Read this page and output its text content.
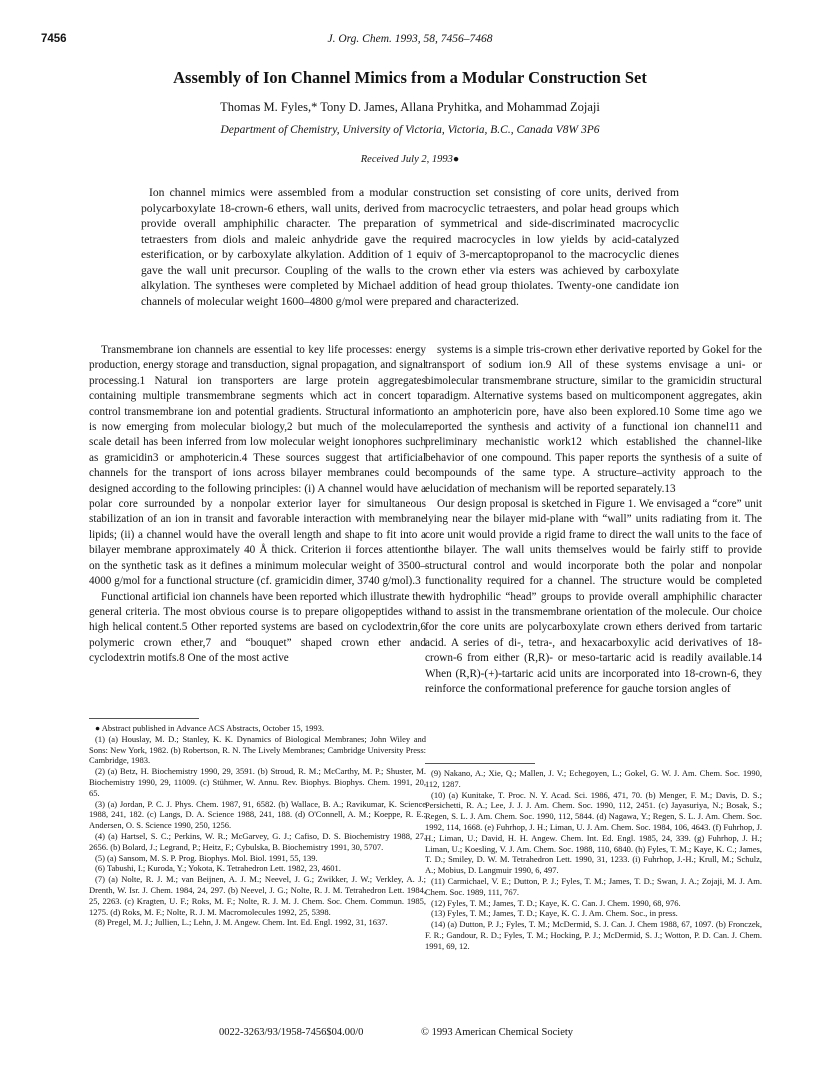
7456	J. Org. Chem. 1993, 58, 7456–7468
Assembly of Ion Channel Mimics from a Modular Construction Set
Thomas M. Fyles,* Tony D. James, Allana Pryhitka, and Mohammad Zojaji
Department of Chemistry, University of Victoria, Victoria, B.C., Canada V8W 3P6
Received July 2, 1993●
Ion channel mimics were assembled from a modular construction set consisting of core units, derived from polycarboxylate 18-crown-6 ethers, wall units, derived from macrocyclic tetraesters, and polar head groups which provide overall amphiphilic character. The preparation of symmetrical and side-discriminated macrocyclic tetraesters from diols and maleic anhydride gave the required macrocycles in low yields by acid-catalyzed esterification, or by carboxylate alkylation. Addition of 1 equiv of 3-mercaptopropanol to the macrocyclic dienes gave the wall unit precursor. Coupling of the walls to the crown ether via esters was achieved by carboxylate alkylation. The syntheses were completed by Michael addition of head group thiolates. Twenty-one candidate ion channels of molecular weight 1600–4800 g/mol were prepared and characterized.

Transmembrane ion channels are essential to key life processes: energy production, energy storage and transduction, signal propagation, and signal processing.1 Natural ion transporters are large protein aggregates containing multiple transmembrane segments which act in concert to control transmembrane ion and potential gradients. Structural information is now emerging from molecular biology,2 but much of the molecular scale detail has been inferred from low molecular weight ionophores such as gramicidin3 or amphotericin.4 These sources suggest that artificial channels for the transport of ions across bilayer membranes could be designed according to the following principles: (i) A channel would have a polar core surrounded by a nonpolar exterior layer for simultaneous stabilization of an ion in transit and favorable interaction with membrane lipids; (ii) a channel would have the overall length and shape to fit into a bilayer membrane approximately 40 Å thick. Criterion ii forces attention on the synthetic task as it defines a minimum molecular weight of 3500–4000 g/mol for a functional structure (cf. gramicidin dimer, 3740 g/mol).3

Functional artificial ion channels have been reported which illustrate the general criteria. The most obvious course is to prepare oligopeptides with high helical content.5 Other reported systems are based on cyclodextrin,6 polymeric crown ether,7 and “bouquet” shaped crown ether and cyclodextrin motifs.8 One of the most active

systems is a simple tris-crown ether derivative reported by Gokel for the transport of sodium ion.9 All of these systems envisage a uni- or bimolecular transmembrane structure, similar to the gramicidin structural paradigm. Alternative systems based on multicomponent aggregates, akin to an amphotericin pore, have also been explored.10 Some time ago we reported the synthesis and activity of a functional ion channel11 and preliminary mechanistic work12 which established the channel-like behavior of one compound. This paper reports the synthesis of a suite of compounds of the same type. A structure–activity approach to the elucidation of mechanism will be reported separately.13

Our design proposal is sketched in Figure 1. We envisaged a “core” unit lying near the bilayer mid-plane with “wall” units radiating from it. The core unit would provide a rigid frame to direct the wall units to the face of the bilayer. The wall units themselves would be fairly stiff to provide structural control and would incorporate both the polar and nonpolar functionality required for a channel. The structure would be completed with hydrophilic “head” groups to provide overall amphiphilic character and to assist in the transmembrane orientation of the molecule. Our choice for the core units are polycarboxylate crown ethers derived from tartaric acid. A series of di-, tetra-, and hexacarboxylic acid derivatives of 18-crown-6 from either (R,R)- or meso-tartaric acid is readily available.14 When (R,R)-(+)-tartaric acid units are incorporated into 18-crown-6, they reinforce the conformational preference for gauche torsion angles of

● Abstract published in Advance ACS Abstracts, October 15, 1993.

(1) (a) Houslay, M. D.; Stanley, K. K. Dynamics of Biological Membranes; John Wiley and Sons: New York, 1982. (b) Robertson, R. N. The Lively Membranes; Cambridge University Press: Cambridge, 1983.

(2) (a) Betz, H. Biochemistry 1990, 29, 3591. (b) Stroud, R. M.; McCarthy, M. P.; Shuster, M. Biochemistry 1990, 29, 11009. (c) Stühmer, W. Annu. Rev. Biophys. Biophys. Chem. 1991, 20, 65.

(3) (a) Jordan, P. C. J. Phys. Chem. 1987, 91, 6582. (b) Wallace, B. A.; Ravikumar, K. Science 1988, 241, 182. (c) Langs, D. A. Science 1988, 241, 188. (d) O'Connell, A. M.; Koeppe, R. E.; Andersen, O. S. Science 1990, 250, 1256.

(4) (a) Hartsel, S. C.; Perkins, W. R.; McGarvey, G. J.; Cafiso, D. S. Biochemistry 1988, 27, 2656. (b) Bolard, J.; Legrand, P.; Heitz, F.; Cybulska, B. Biochemistry 1991, 30, 5707.

(5) (a) Sansom, M. S. P. Prog. Biophys. Mol. Biol. 1991, 55, 139.

(6) Tabushi, I.; Kuroda, Y.; Yokota, K. Tetrahedron Lett. 1982, 23, 4601.

(7) (a) Nolte, R. J. M.; van Beijnen, A. J. M.; Neevel, J. G.; Zwikker, J. W.; Verkley, A. J.; Drenth, W. Isr. J. Chem. 1984, 24, 297. (b) Neevel, J. G.; Nolte, R. J. M. Tetrahedron Lett. 1984, 25, 2263. (c) Kragten, U. F.; Roks, M. F.; Nolte, R. J. M. J. Chem. Soc. Chem. Commun. 1985, 1275. (d) Roks, M. F.; Nolte, R. J. M. Macromolecules 1992, 25, 5398.

(8) Pregel, M. J.; Jullien, L.; Lehn, J. M. Angew. Chem. Int. Ed. Engl. 1992, 31, 1637.

(9) Nakano, A.; Xie, Q.; Mallen, J. V.; Echegoyen, L.; Gokel, G. W. J. Am. Chem. Soc. 1990, 112, 1287.

(10) (a) Kunitake, T. Proc. N. Y. Acad. Sci. 1986, 471, 70. (b) Menger, F. M.; Davis, D. S.; Persichetti, R. A.; Lee, J. J. J. Am. Chem. Soc. 1990, 112, 2451. (c) Jayasuriya, N.; Bosak, S.; Regen, S. L. J. Am. Chem. Soc. 1990, 112, 5844. (d) Nagawa, Y.; Regen, S. L. J. Am. Chem. Soc. 1992, 114, 1668. (e) Fuhrhop, J. H.; Liman, U. J. Am. Chem. Soc. 1984, 106, 4643. (f) Fuhrhop, J. H.; Liman, U.; David, H. H. Angew. Chem. Int. Ed. Engl. 1985, 24, 339. (g) Fuhrhop, J. H.; Liman, U.; Koesling, V. J. Am. Chem. Soc. 1988, 110, 6840. (h) Fyles, T. M.; Kaye, K. C.; James, T. D.; Smiley, D. W. M. Tetrahedron Lett. 1990, 31, 1233. (i) Fuhrhop, J.-H.; Krull, M.; Schulz, A.; Mobius, D. Langmuir 1990, 6, 497.

(11) Carmichael, V. E.; Dutton, P. J.; Fyles, T. M.; James, T. D.; Swan, J. A.; Zojaji, M. J. Am. Chem. Soc. 1989, 111, 767.

(12) Fyles, T. M.; James, T. D.; Kaye, K. C. Can. J. Chem. 1990, 68, 976.

(13) Fyles, T. M.; James, T. D.; Kaye, K. C. J. Am. Chem. Soc., in press.

(14) (a) Dutton, P. J.; Fyles, T. M.; McDermid, S. J. Can. J. Chem 1988, 67, 1097. (b) Fronczek, F. R.; Gandour, R. D.; Fyles, T. M.; Hocking, P. J.; McDermid, S. J.; Wotton, P. D. Can. J. Chem. 1991, 69, 12.

0022-3263/93/1958-7456$04.00/0	© 1993 American Chemical Society
